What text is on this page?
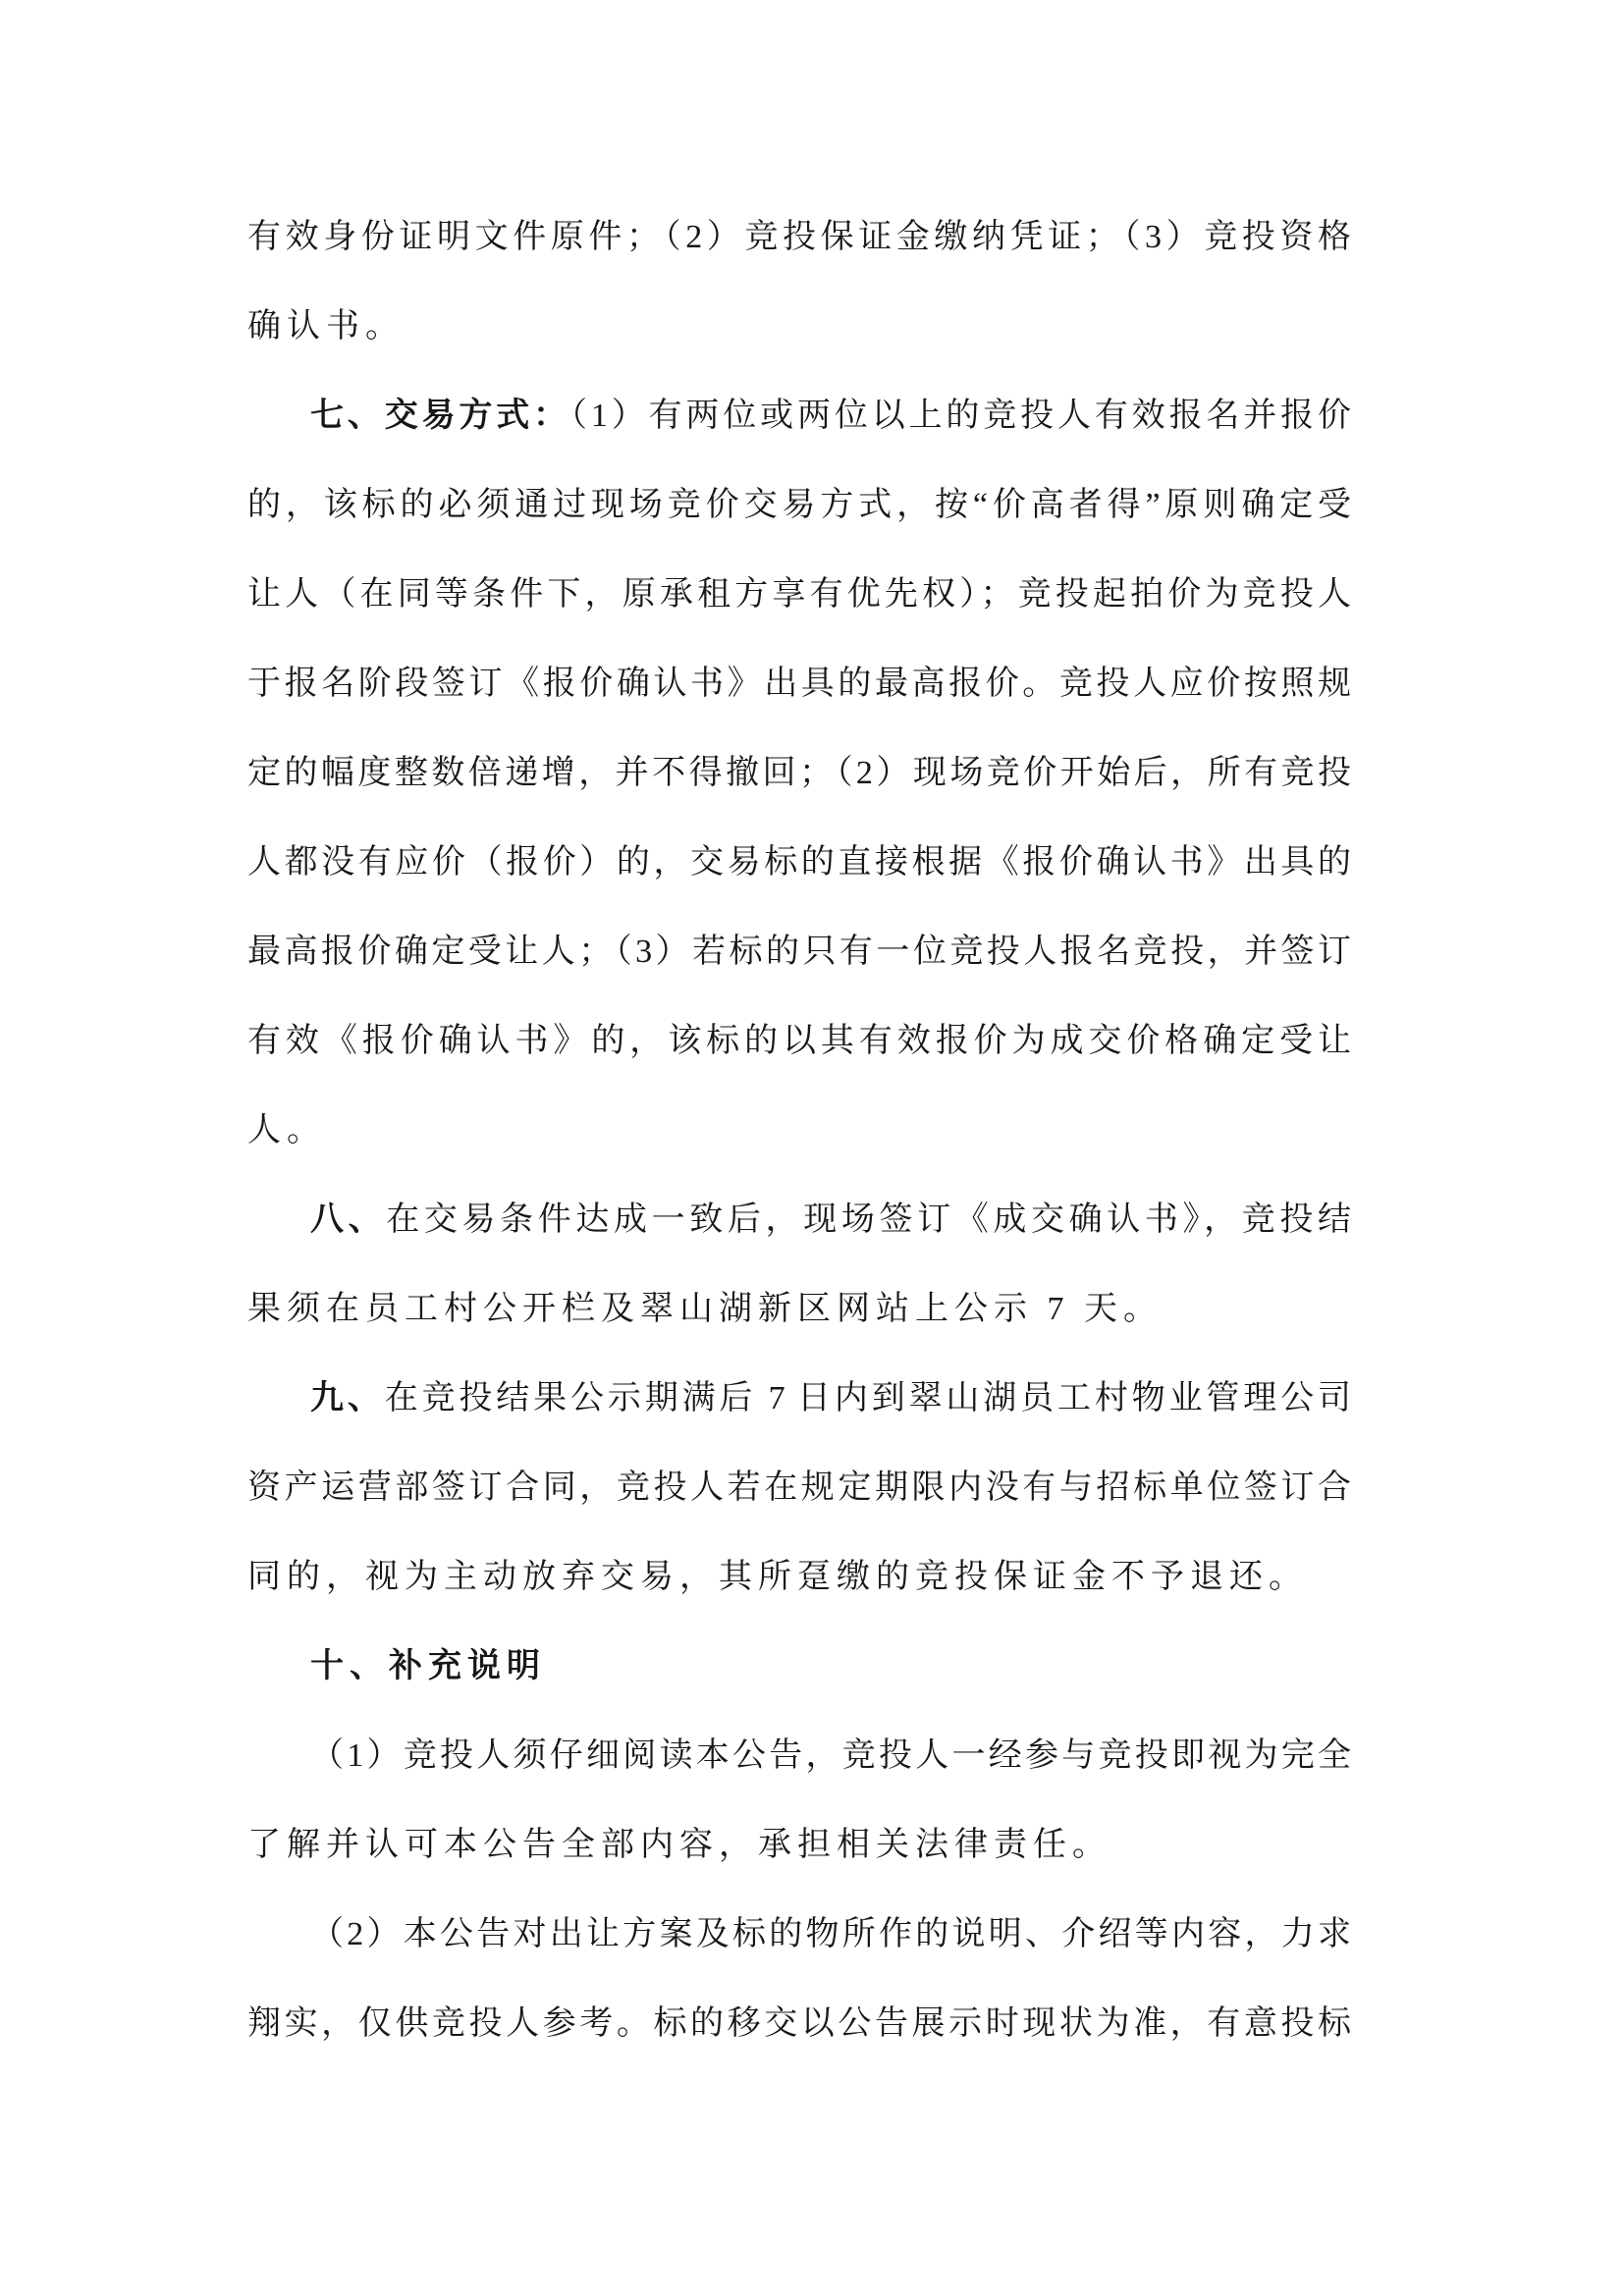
有效身份证明文件原件；（2）竞投保证金缴纳凭证；（3）竞投资格
确认书。
七、交易方式：（1）有两位或两位以上的竞投人有效报名并报价
的，该标的必须通过现场竞价交易方式，按“价高者得”原则确定受
让人（在同等条件下，原承租方享有优先权）；竞投起拍价为竞投人
于报名阶段签订《报价确认书》出具的最高报价。竞投人应价按照规
定的幅度整数倍递增，并不得撤回；（2）现场竞价开始后，所有竞投
人都没有应价（报价）的，交易标的直接根据《报价确认书》出具的
最高报价确定受让人；（3）若标的只有一位竞投人报名竞投，并签订
有效《报价确认书》的，该标的以其有效报价为成交价格确定受让
人。
八、在交易条件达成一致后，现场签订《成交确认书》，竞投结
果须在员工村公开栏及翠山湖新区网站上公示 7 天。
九、在竞投结果公示期满后 7 日内到翠山湖员工村物业管理公司
资产运营部签订合同，竞投人若在规定期限内没有与招标单位签订合
同的，视为主动放弃交易，其所趸缴的竞投保证金不予退还。
十、补充说明
（1）竞投人须仔细阅读本公告，竞投人一经参与竞投即视为完全
了解并认可本公告全部内容，承担相关法律责任。
（2）本公告对出让方案及标的物所作的说明、介绍等内容，力求
翔实，仅供竞投人参考。标的移交以公告展示时现状为准，有意投标
